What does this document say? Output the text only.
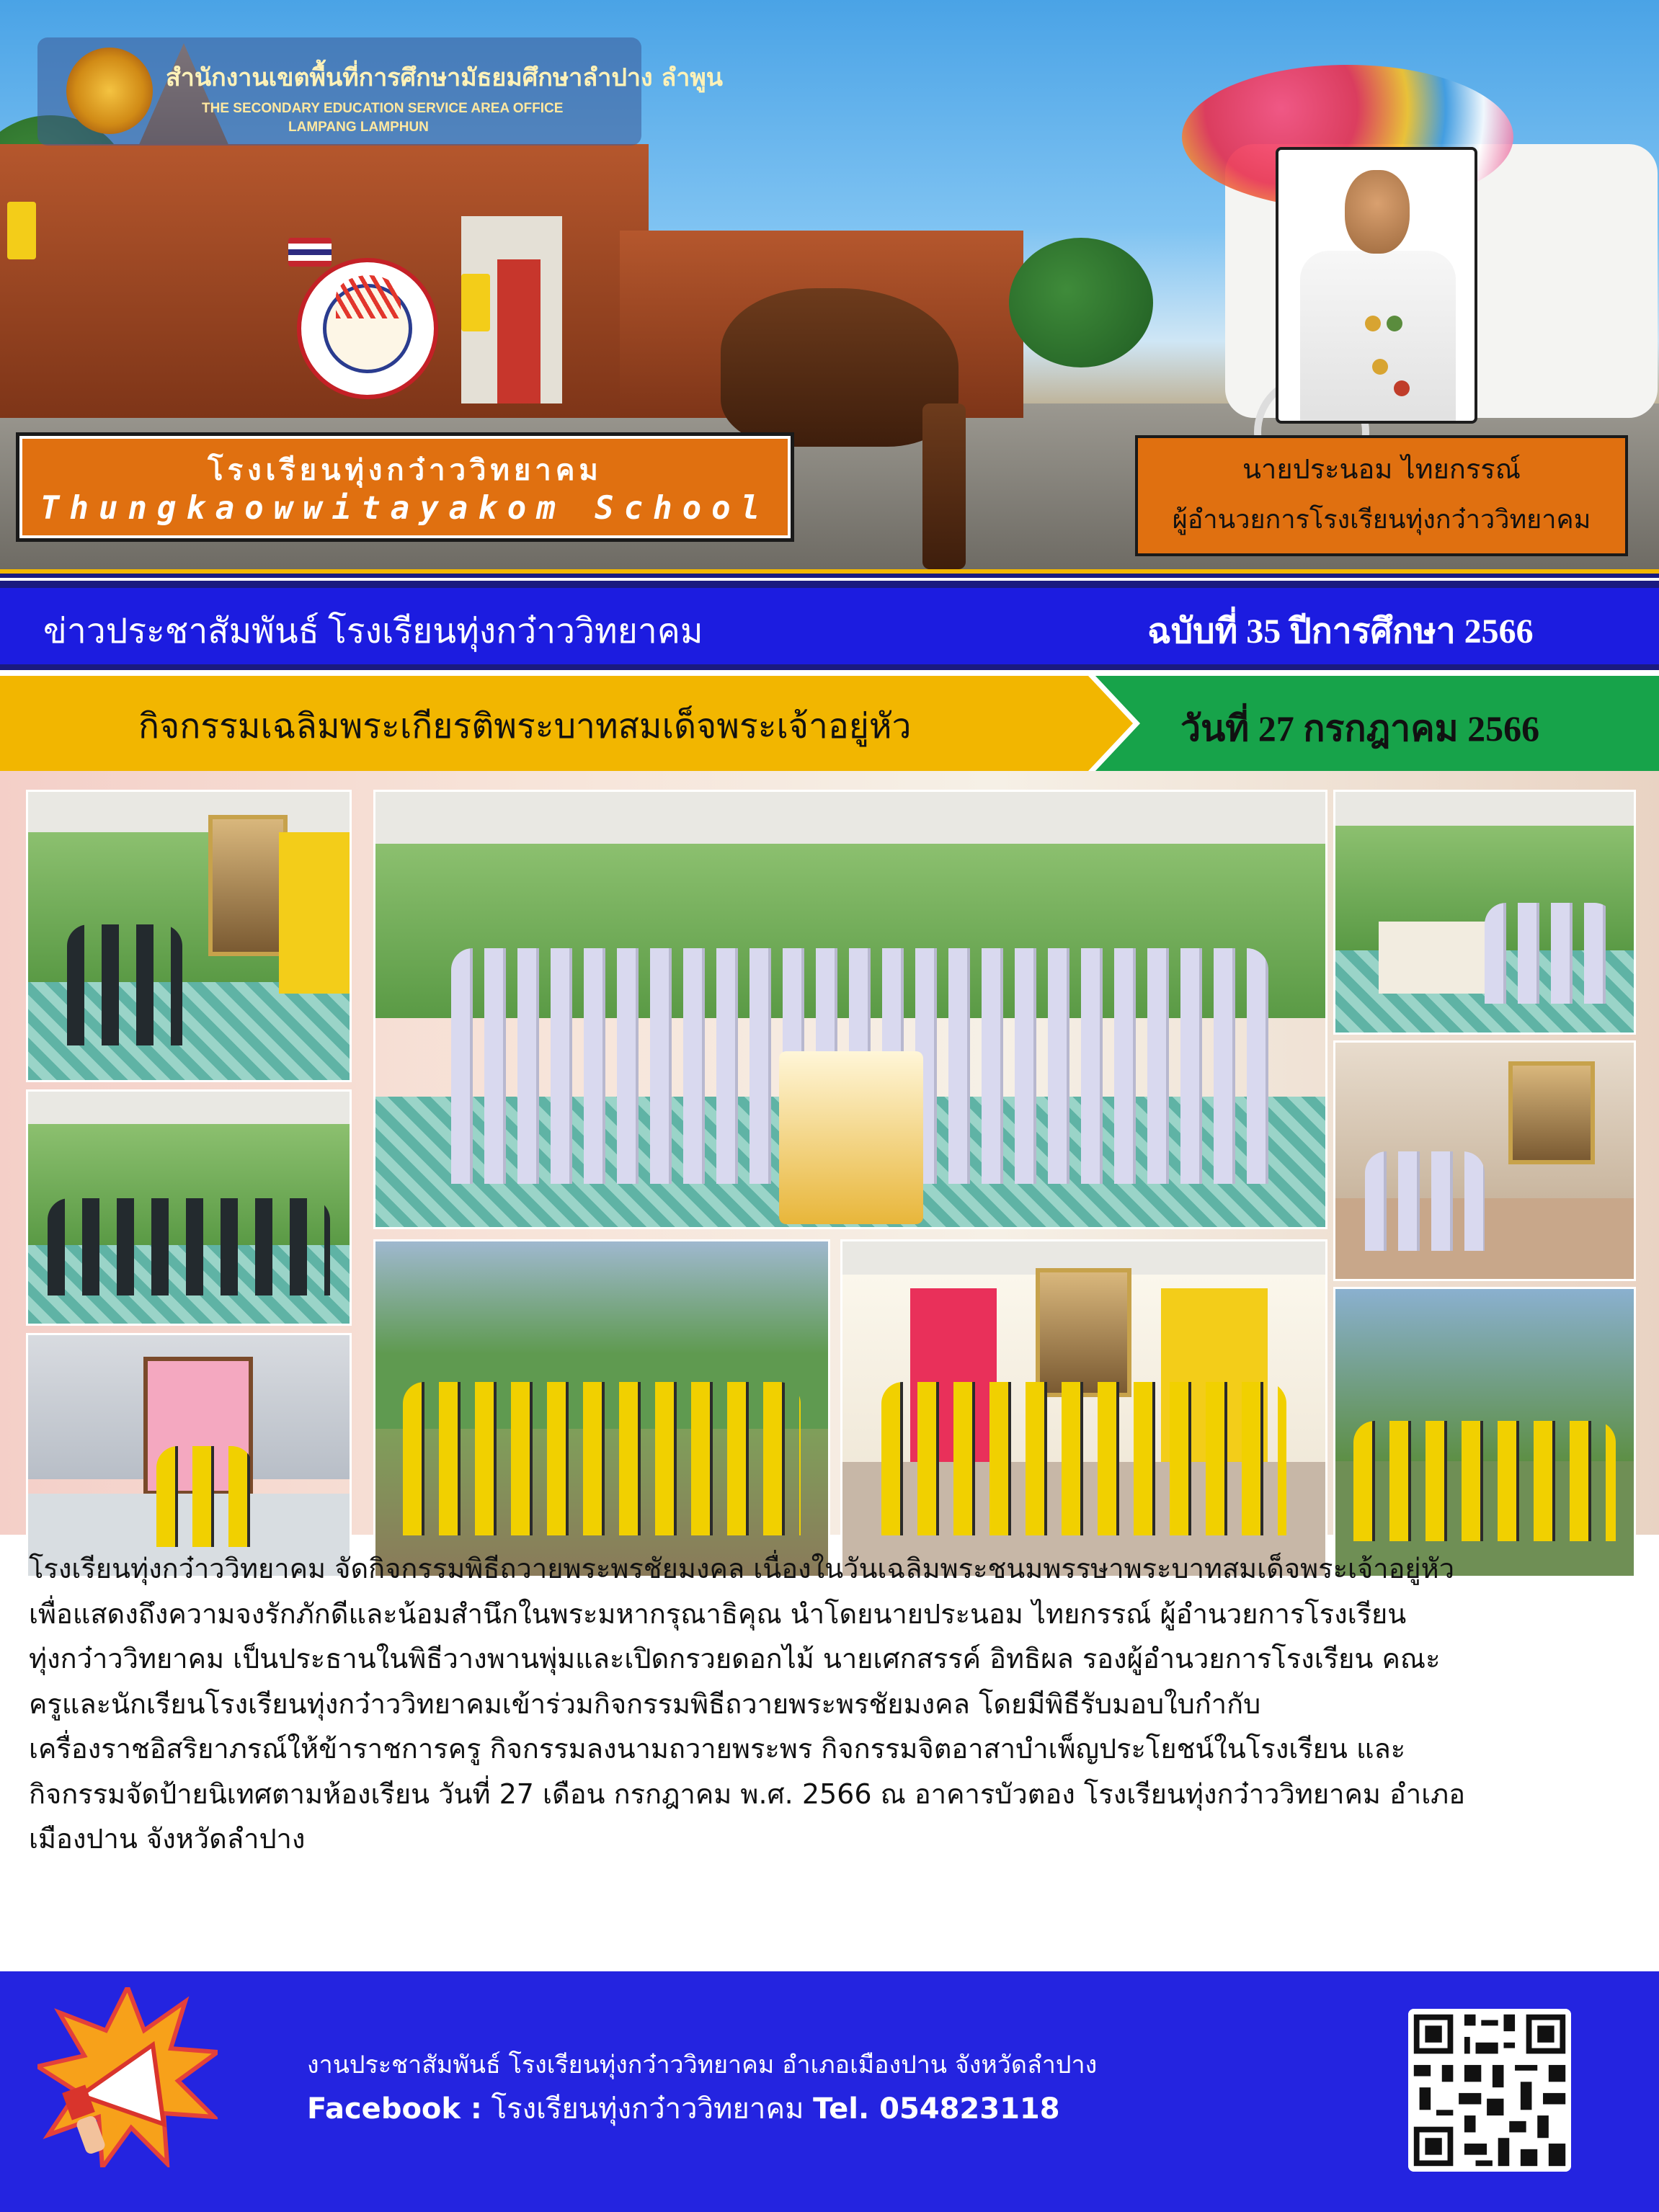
สำนักงานเขตพื้นที่การศึกษามัธยมศึกษาลำปาง ลำพูน
THE SECONDARY EDUCATION SERVICE AREA OFFICE
LAMPANG LAMPHUN
โรงเรียนทุ่งกว๋าววิทยาคม
Thungkaowwitayakom School
นายประนอม ไทยกรรณ์
ผู้อำนวยการโรงเรียนทุ่งกว๋าววิทยาคม
ข่าวประชาสัมพันธ์ โรงเรียนทุ่งกว๋าววิทยาคม	ฉบับที่ 35 ปีการศึกษา 2566
กิจกรรมเฉลิมพระเกียรติพระบาทสมเด็จพระเจ้าอยู่หัว	วันที่ 27 กรกฎาคม 2566
โรงเรียนทุ่งกว๋าววิทยาคม จัดกิจกรรมพิธีถวายพระพรชัยมงคล เนื่องในวันเฉลิมพระชนมพรรษาพระบาทสมเด็จพระเจ้าอยู่หัว
เพื่อแสดงถึงความจงรักภักดีและน้อมสำนึกในพระมหากรุณาธิคุณ นำโดยนายประนอม ไทยกรรณ์ ผู้อำนวยการโรงเรียน
ทุ่งกว๋าววิทยาคม เป็นประธานในพิธีวางพานพุ่มและเปิดกรวยดอกไม้ นายเศกสรรค์ อิทธิผล รองผู้อำนวยการโรงเรียน คณะ
ครูและนักเรียนโรงเรียนทุ่งกว๋าววิทยาคมเข้าร่วมกิจกรรมพิธีถวายพระพรชัยมงคล โดยมีพิธีรับมอบใบกำกับ
เครื่องราชอิสริยาภรณ์ให้ข้าราชการครู กิจกรรมลงนามถวายพระพร กิจกรรมจิตอาสาบำเพ็ญประโยชน์ในโรงเรียน และ
กิจกรรมจัดป้ายนิเทศตามห้องเรียน วันที่ 27 เดือน กรกฎาคม พ.ศ. 2566 ณ อาคารบัวตอง โรงเรียนทุ่งกว๋าววิทยาคม อำเภอ
เมืองปาน จังหวัดลำปาง
งานประชาสัมพันธ์ โรงเรียนทุ่งกว๋าววิทยาคม อำเภอเมืองปาน จังหวัดลำปาง
Facebook : โรงเรียนทุ่งกว๋าววิทยาคม Tel. 054823118
